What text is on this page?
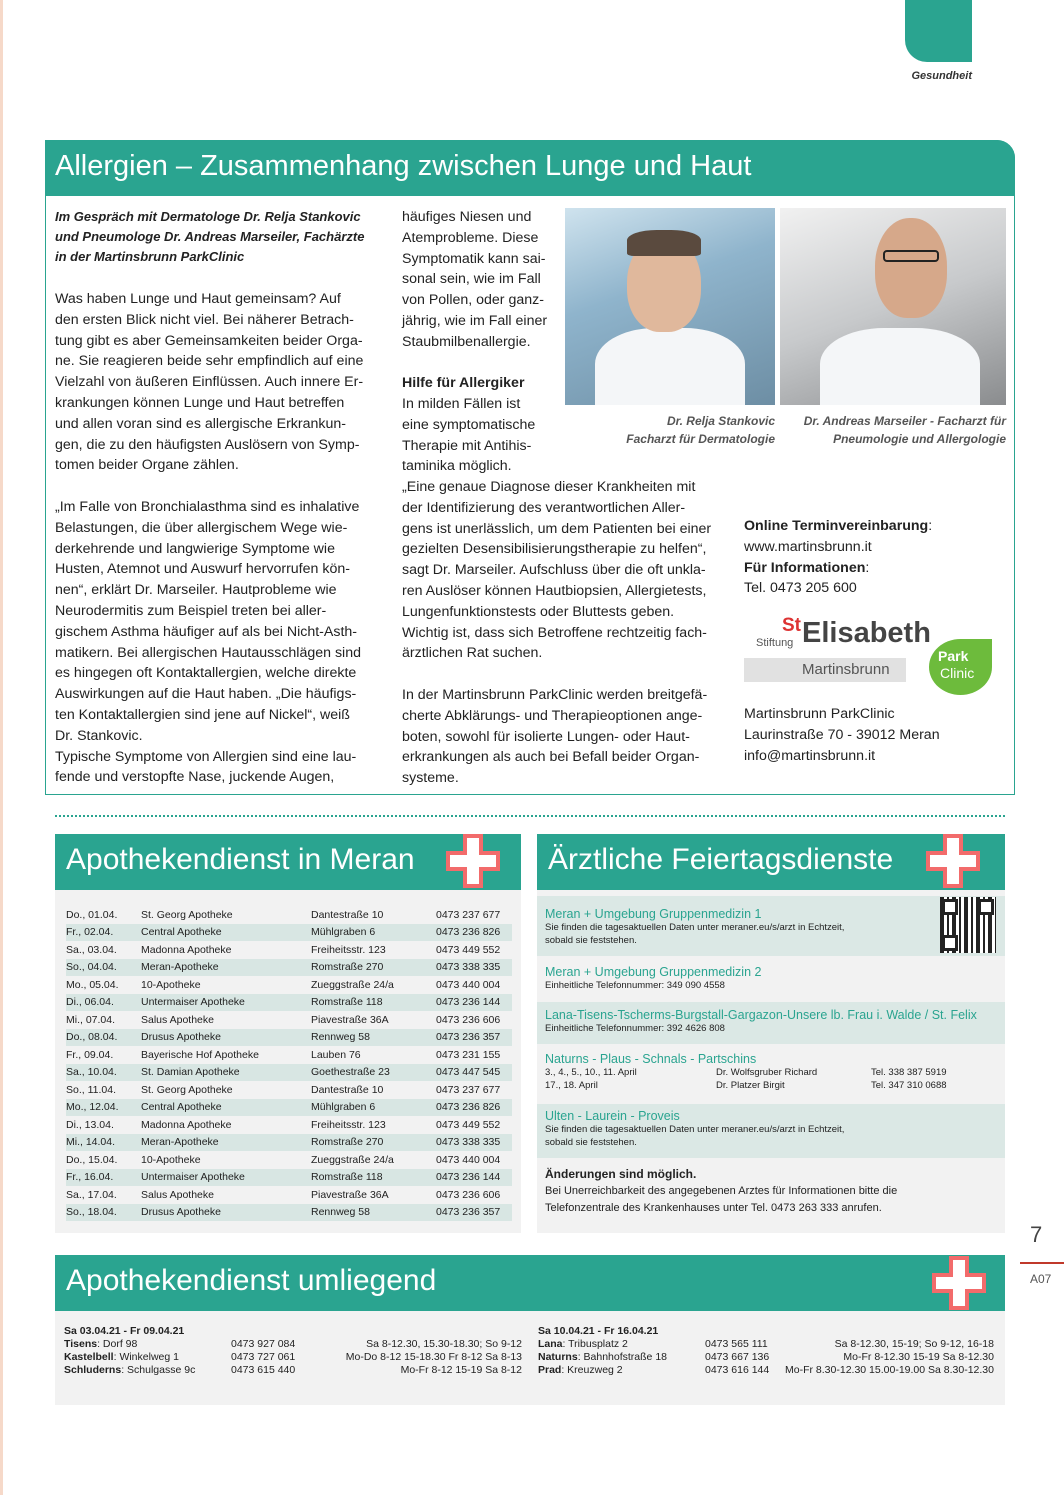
Gesundheit
Allergien – Zusammenhang zwischen Lunge und Haut
Im Gespräch mit Dermatologe Dr. Relja Stankovic
und Pneumologe Dr. Andreas Marseiler, Fachärzte
in der Martinsbrunn ParkClinic
Was haben Lunge und Haut gemeinsam? Auf
den ersten Blick nicht viel. Bei näherer Betrach-
tung gibt es aber Gemeinsamkeiten beider Orga-
ne. Sie reagieren beide sehr empfindlich auf eine
Vielzahl von äußeren Einflüssen. Auch innere Er-
krankungen können Lunge und Haut betreffen
und allen voran sind es allergische Erkrankun-
gen, die zu den häufigsten Auslösern von Symp-
tomen beider Organe zählen.
„Im Falle von Bronchialasthma sind es inhalative
Belastungen, die über allergischem Wege wie-
derkehrende und langwierige Symptome wie
Husten, Atemnot und Auswurf hervorrufen kön-
nen“, erklärt Dr. Marseiler. Hautprobleme wie
Neurodermitis zum Beispiel treten bei aller-
gischem Asthma häufiger auf als bei Nicht-Asth-
matikern. Bei allergischen Hautausschlägen sind
es hingegen oft Kontaktallergien, welche direkte
Auswirkungen auf die Haut haben. „Die häufigs-
ten Kontaktallergien sind jene auf Nickel“, weiß
Dr. Stankovic.
Typische Symptome von Allergien sind eine lau-
fende und verstopfte Nase, juckende Augen,
häufiges Niesen und
Atemprobleme. Diese
Symptomatik kann sai-
sonal sein, wie im Fall
von Pollen, oder ganz-
jährig, wie im Fall einer
Staubmilbenallergie.
Hilfe für Allergiker
In milden Fällen ist
eine symptomatische
Therapie mit Antihis-
taminika möglich.
„Eine genaue Diagnose dieser Krankheiten mit
der Identifizierung des verantwortlichen Aller-
gens ist unerlässlich, um dem Patienten bei einer
gezielten Desensibilisierungstherapie zu helfen“,
sagt Dr. Marseiler. Aufschluss über die oft unkla-
ren Auslöser können Hautbiopsien, Allergietests,
Lungenfunktionstests oder Bluttests geben.
Wichtig ist, dass sich Betroffene rechtzeitig fach-
ärztlichen Rat suchen.
In der Martinsbrunn ParkClinic werden breitgefä-
cherte Abklärungs- und Therapieoptionen ange-
boten, sowohl für isolierte Lungen- oder Haut-
erkrankungen als auch bei Befall beider Organ-
systeme.
Dr. Relja Stankovic
Facharzt für Dermatologie
Dr. Andreas Marseiler - Facharzt für
Pneumologie und Allergologie
Online Terminvereinbarung:
www.martinsbrunn.it
Für Informationen:
Tel. 0473 205 600
Stiftung
St Elisabeth
Martinsbrunn
Park
Clinic
Martinsbrunn ParkClinic
Laurinstraße 70 - 39012 Meran
info@martinsbrunn.it
Apothekendienst in Meran
Do., 01.04.	St. Georg Apotheke	Dantestraße 10	0473 237 677
Fr., 02.04.	Central Apotheke	Mühlgraben 6	0473 236 826
Sa., 03.04.	Madonna Apotheke	Freiheitsstr. 123	0473 449 552
So., 04.04.	Meran-Apotheke	Romstraße 270	0473 338 335
Mo., 05.04.	10-Apotheke	Zueggstraße 24/a	0473 440 004
Di., 06.04.	Untermaiser Apotheke	Romstraße 118	0473 236 144
Mi., 07.04.	Salus Apotheke	Piavestraße 36A	0473 236 606
Do., 08.04.	Drusus Apotheke	Rennweg 58	0473 236 357
Fr., 09.04.	Bayerische Hof Apotheke	Lauben 76	0473 231 155
Sa., 10.04.	St. Damian Apotheke	Goethestraße 23	0473 447 545
So., 11.04.	St. Georg Apotheke	Dantestraße 10	0473 237 677
Mo., 12.04.	Central Apotheke	Mühlgraben 6	0473 236 826
Di., 13.04.	Madonna Apotheke	Freiheitsstr. 123	0473 449 552
Mi., 14.04.	Meran-Apotheke	Romstraße 270	0473 338 335
Do., 15.04.	10-Apotheke	Zueggstraße 24/a	0473 440 004
Fr., 16.04.	Untermaiser Apotheke	Romstraße 118	0473 236 144
Sa., 17.04.	Salus Apotheke	Piavestraße 36A	0473 236 606
So., 18.04.	Drusus Apotheke	Rennweg 58	0473 236 357
Ärztliche Feiertagsdienste
Meran + Umgebung Gruppenmedizin 1
Sie finden die tagesaktuellen Daten unter meraner.eu/s/arzt in Echtzeit,
sobald sie feststehen.
Meran + Umgebung Gruppenmedizin 2
Einheitliche Telefonnummer: 349 090 4558
Lana-Tisens-Tscherms-Burgstall-Gargazon-Unsere lb. Frau i. Walde / St. Felix
Einheitliche Telefonnummer: 392 4626 808
Naturns - Plaus - Schnals - Partschins
3., 4., 5., 10., 11. April	Dr. Wolfsgruber Richard	Tel. 338 387 5919
17., 18. April	Dr. Platzer Birgit	Tel. 347 310 0688
Ulten - Laurein - Proveis
Sie finden die tagesaktuellen Daten unter meraner.eu/s/arzt in Echtzeit,
sobald sie feststehen.
Änderungen sind möglich.
Bei Unerreichbarkeit des angegebenen Arztes für Informationen bitte die
Telefonzentrale des Krankenhauses unter Tel. 0473 263 333 anrufen.
7
A07
Apothekendienst umliegend
Sa 03.04.21 - Fr 09.04.21
Tisens: Dorf 98	0473 927 084	Sa 8-12.30, 15.30-18.30; So 9-12
Kastelbell: Winkelweg 1	0473 727 061	Mo-Do 8-12 15-18.30 Fr 8-12 Sa 8-13
Schluderns: Schulgasse 9c	0473 615 440	Mo-Fr 8-12 15-19 Sa 8-12
Sa 10.04.21 - Fr 16.04.21
Lana: Tribusplatz 2	0473 565 111	Sa 8-12.30, 15-19; So 9-12, 16-18
Naturns: Bahnhofstraße 18	0473 667 136	Mo-Fr 8-12.30 15-19 Sa 8-12.30
Prad: Kreuzweg 2	0473 616 144 Mo-Fr 8.30-12.30 15.00-19.00 Sa 8.30-12.30
